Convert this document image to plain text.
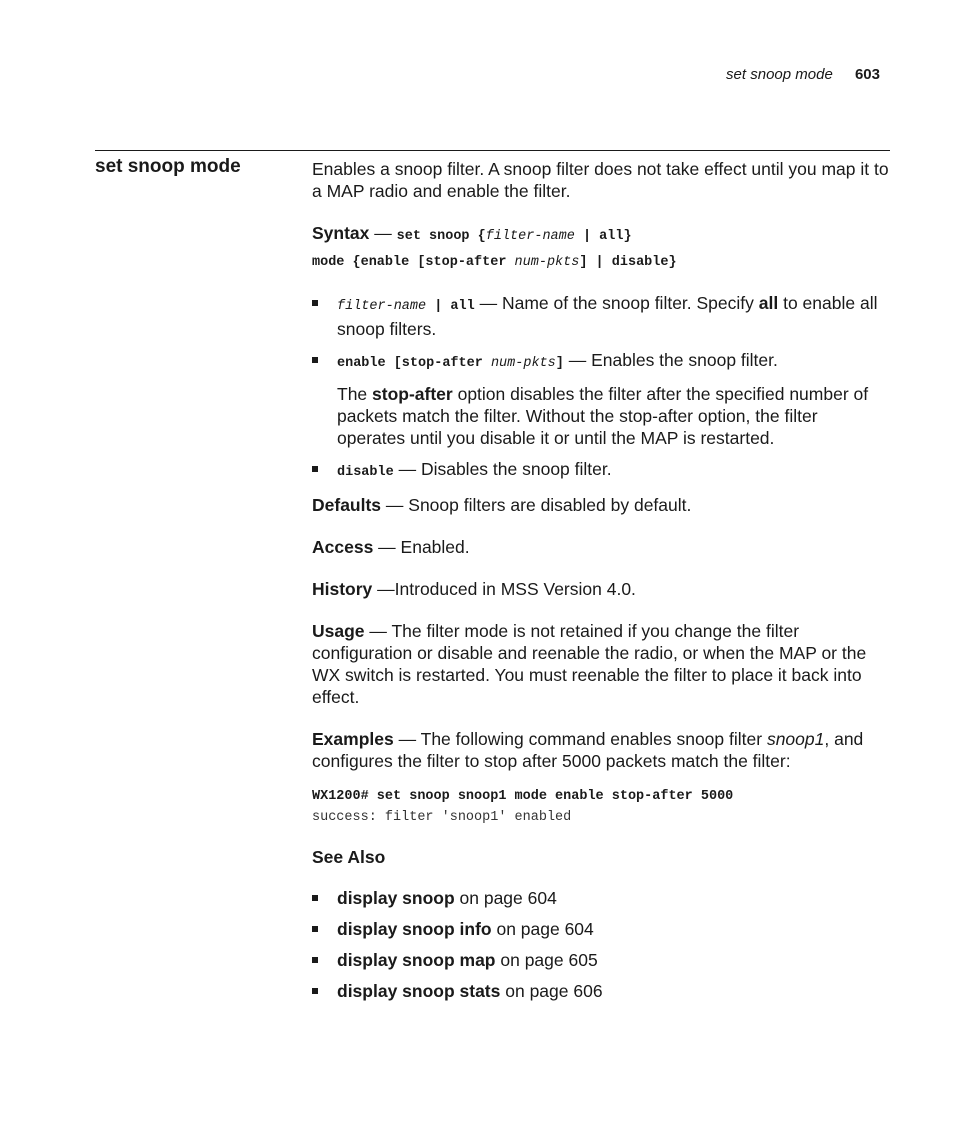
set snoop mode 603
set snoop mode	Enables a snoop filter. A snoop filter does not take effect until you map it to a MAP radio and enable the filter.

Syntax — set snoop {filter-name | all}

mode {enable [stop-after num-pkts] | disable}

filter-name | all — Name of the snoop filter. Specify all to enable all snoop filters.
enable [stop-after num-pkts] — Enables the snoop filter.
The stop-after option disables the filter after the specified number of packets match the filter. Without the stop-after option, the filter operates until you disable it or until the MAP is restarted.
disable — Disables the snoop filter.

Defaults — Snoop filters are disabled by default.

Access — Enabled.

History —Introduced in MSS Version 4.0.

Usage — The filter mode is not retained if you change the filter configuration or disable and reenable the radio, or when the MAP or the WX switch is restarted. You must reenable the filter to place it back into effect.

Examples — The following command enables snoop filter snoop1, and configures the filter to stop after 5000 packets match the filter:

WX1200# set snoop snoop1 mode enable stop-after 5000
success: filter 'snoop1' enabled

See Also

display snoop on page 604
display snoop info on page 604
display snoop map on page 605
display snoop stats on page 606
